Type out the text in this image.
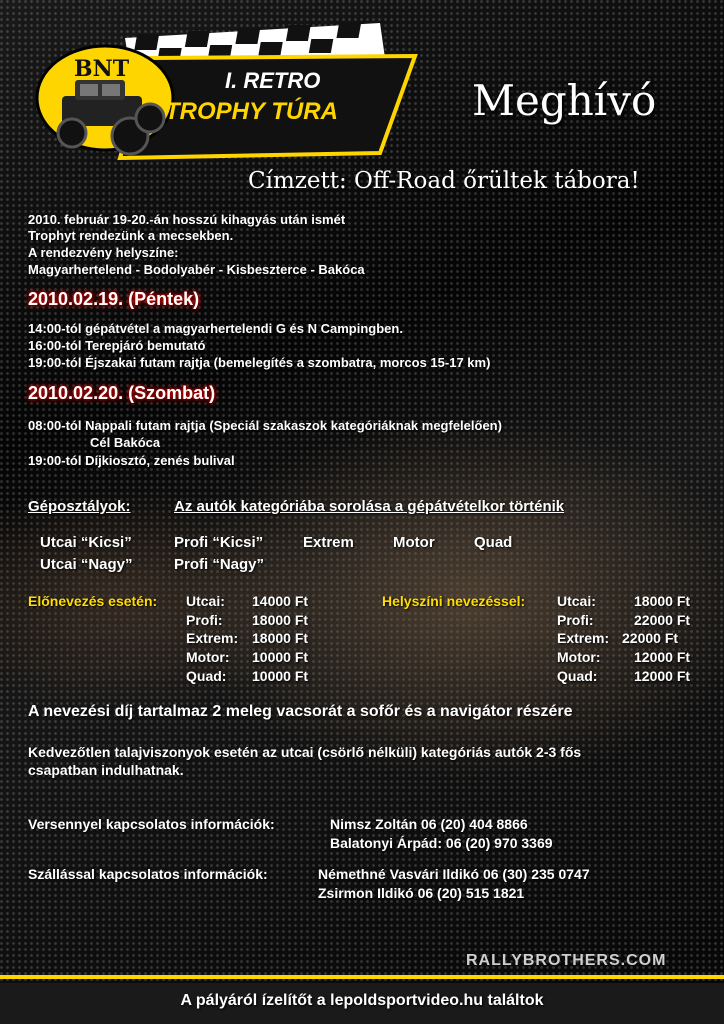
BNT	I. RETRO
TROPHY TÚRA	Meghívó
Címzett: Off-Road őrültek tábora!
2010. február 19-20.-án hosszú kihagyás után ismét
Trophyt rendezünk a mecsekben.
A rendezvény helyszíne:
Magyarhertelend - Bodolyabér - Kisbeszterce - Bakóca
2010.02.19. (Péntek)
14:00-tól gépátvétel a magyarhertelendi G és N Campingben.
16:00-tól Terepjáró bemutató
19:00-tól Éjszakai futam rajtja (bemelegítés a szombatra, morcos 15-17 km)
2010.02.20. (Szombat)
08:00-tól Nappali futam rajtja (Speciál szakaszok kategóriáknak megfelelően)
Cél Bakóca
19:00-tól Díjkiosztó, zenés bulival
Géposztályok:	Az autók kategóriába sorolása a gépátvételkor történik
Utcai “Kicsi”	Profi “Kicsi”	Extrem	Motor	Quad
Utcai “Nagy”	Profi “Nagy”
Előnevezés esetén: Utcai: 14000 Ft
Profi: 18000 Ft
Extrem: 18000 Ft
Motor: 10000 Ft
Quad: 10000 Ft
Helyszíni nevezéssel: Utcai:	18000 Ft
Profi:	22000 Ft
Extrem: 22000 Ft
Motor: 12000 Ft
Quad:	12000 Ft
A nevezési díj tartalmaz 2 meleg vacsorát a sofőr és a navigátor részére
Kedvezőtlen talajviszonyok esetén az utcai (csörlő nélküli) kategóriás autók 2-3 fős
csapatban indulhatnak.
Versennyel kapcsolatos információk:	Nimsz Zoltán 06 (20) 404 8866
Balatonyi Árpád: 06 (20) 970 3369
Szállással kapcsolatos információk:	Némethné Vasvári Ildikó 06 (30) 235 0747
Zsirmon Ildikó 06 (20) 515 1821
RALLYBROTHERS.COM
A pályáról ízelítőt a lepoldsportvideo.hu találtok
